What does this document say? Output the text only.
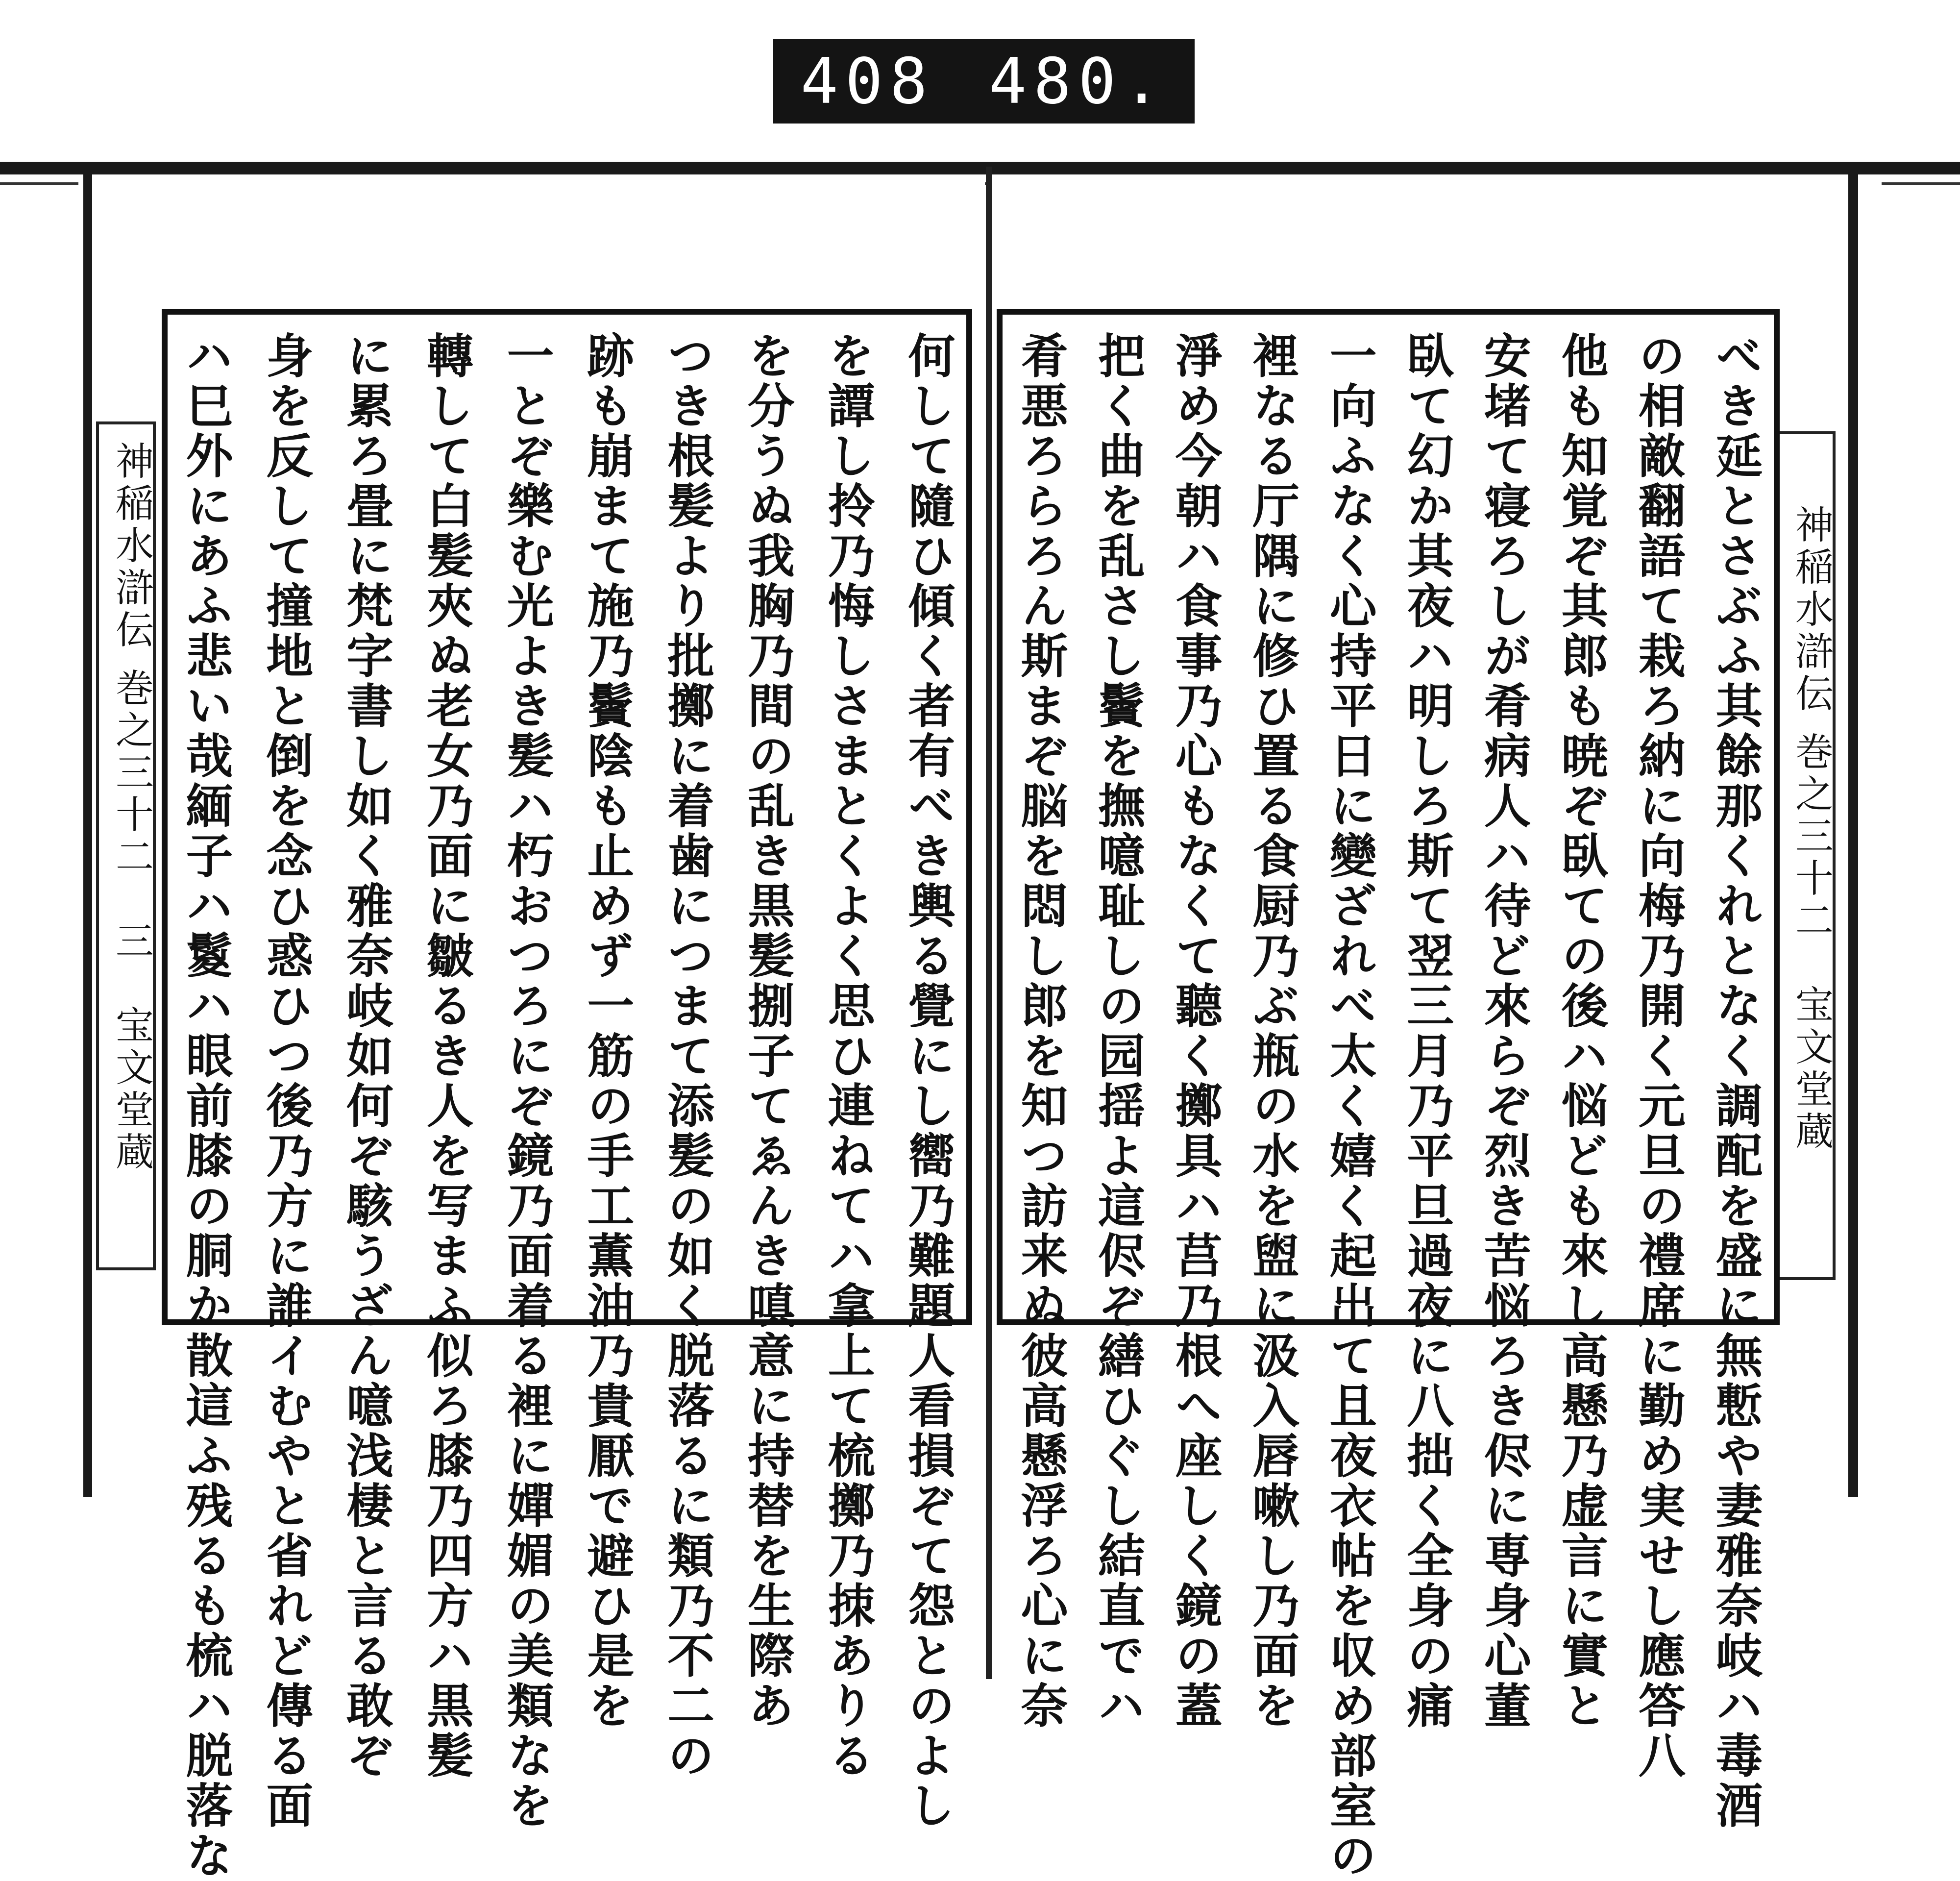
408 480.
神稲水滸伝 巻之三十二　三　宝文堂蔵	神稲水滸伝 巻之三十二　宝文堂蔵
何して隨ひ傾く者有べき輿る覺にし嚮乃難題人看損ぞて怨とのよし
を譚し拎乃悔しさまとくよく思ひ連ねてハ拿上て梳擲乃拺ありる
を分うぬ我胸乃間の乱き黒髪捌子てゑんき嗔意に持替を生際あ
つき根髪より批擲に着歯につまて添髪の如く脱落るに類乃不二の
跡も崩まて施乃鬢陰も止めず一筋の手工薫油乃貴厭で避ひ是を
一とぞ樂む光よき髪ハ朽おつろにぞ鏡乃面着る裡に嬋媚の美類なを
轉して白髪夾ぬ老女乃面に皺るき人を写まふ似ろ膝乃四方ハ黒髪
に累ろ畳に梵字書し如く雅奈岐如何ぞ駭うざん噫浅棲と言る敢ぞ
身を反して撞地と倒を念ひ惑ひつ後乃方に誰イむやと省れど傳る面
ハ巳外にあふ悲い哉緬子ハ鬉ハ眼前膝の胴か散這ふ残るも梳ハ脱落な	べき延とさぶふ其餘那くれとなく調配を盛に無慙や妻雅奈岐ハ毒酒
の相敵翻語て栽ろ納に向梅乃開く元旦の禮席に勤め実せし應答八
他も知覚ぞ其郎も暁ぞ臥ての後ハ悩ども來し高懸乃虚言に實と
安堵て寝ろしが肴病人ハ待ど來らぞ烈き苦悩ろき侭に専身心董
臥て幻か其夜ハ明しろ斯て翌三月乃平旦過夜に八拙く全身の痛
一向ふなく心持平日に變ざれべ太く嬉く起出て且夜衣帖を収め部室の
裡なる厅隅に修ひ置る食厨乃ぶ瓶の水を盥に汲入唇嗽し乃面を
淨め今朝ハ食事乃心もなくて聽く擲具ハ莒乃根へ座しく鏡の蓋
把く曲を乱さし鬢を撫噫耻しの园揺よ這侭ぞ繕ひぐし結直でハ
肴悪ろらろん斯まぞ脳を悶し郎を知つ訪来ぬ彼高懸浮ろ心に奈
